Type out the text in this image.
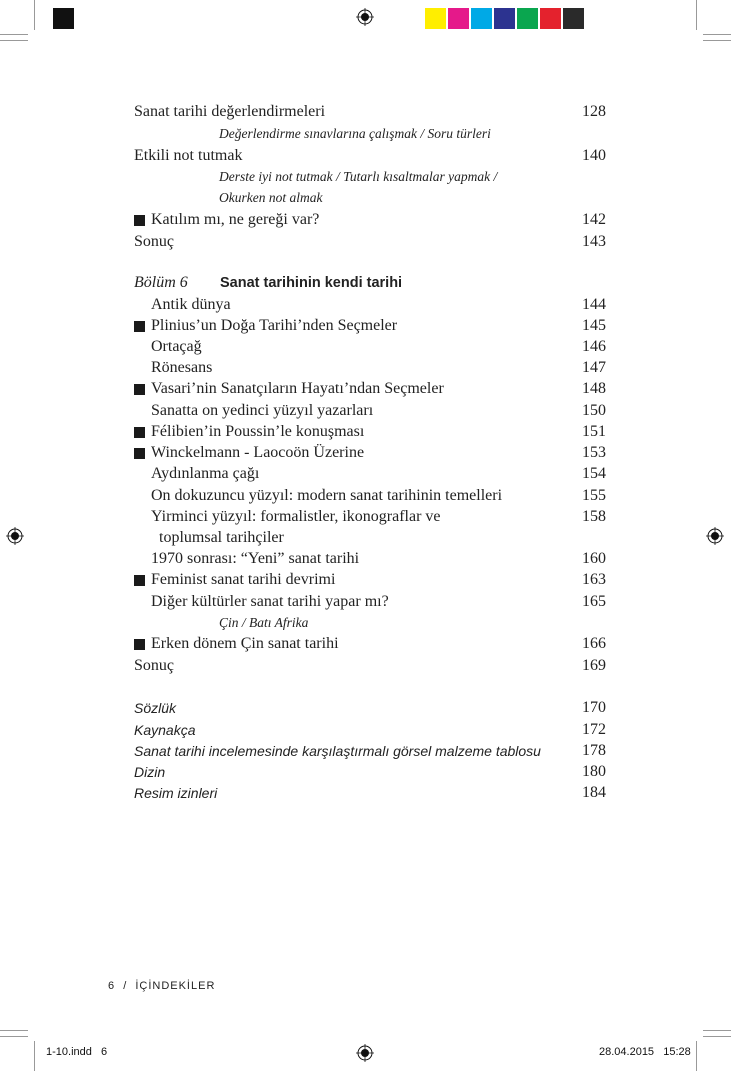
Sanat tarihi değerlendirmeleri	128
Değerlendirme sınavlarına çalışmak / Soru türleri
Etkili not tutmak	140
Derste iyi not tutmak / Tutarlı kısaltmalar yapmak /
Okurken not almak
Katılım mı, ne gereği var?	142
Sonuç	143
Bölüm 6 Sanat tarihinin kendi tarihi
Antik dünya	144
Plinius’un Doğa Tarihi’nden Seçmeler	145
Ortaçağ	146
Rönesans	147
Vasari’nin Sanatçıların Hayatı’ndan Seçmeler	148
Sanatta on yedinci yüzyıl yazarları	150
Félibien’in Poussin’le konuşması	151
Winckelmann - Laocoön Üzerine	153
Aydınlanma çağı	154
On dokuzuncu yüzyıl: modern sanat tarihinin temelleri	155
Yirminci yüzyıl: formalistler, ikonograflar ve	158
toplumsal tarihçiler
1970 sonrası: “Yeni” sanat tarihi	160
Feminist sanat tarihi devrimi	163
Diğer kültürler sanat tarihi yapar mı?	165
Çin / Batı Afrika
Erken dönem Çin sanat tarihi	166
Sonuç	169
Sözlük	170
Kaynakça	172
Sanat tarihi incelemesinde karşılaştırmalı görsel malzeme tablosu	178
Dizin	180
Resim izinleri	184
6 / İÇİNDEKİLER
1-10.indd   6	28.04.2015   15:28
